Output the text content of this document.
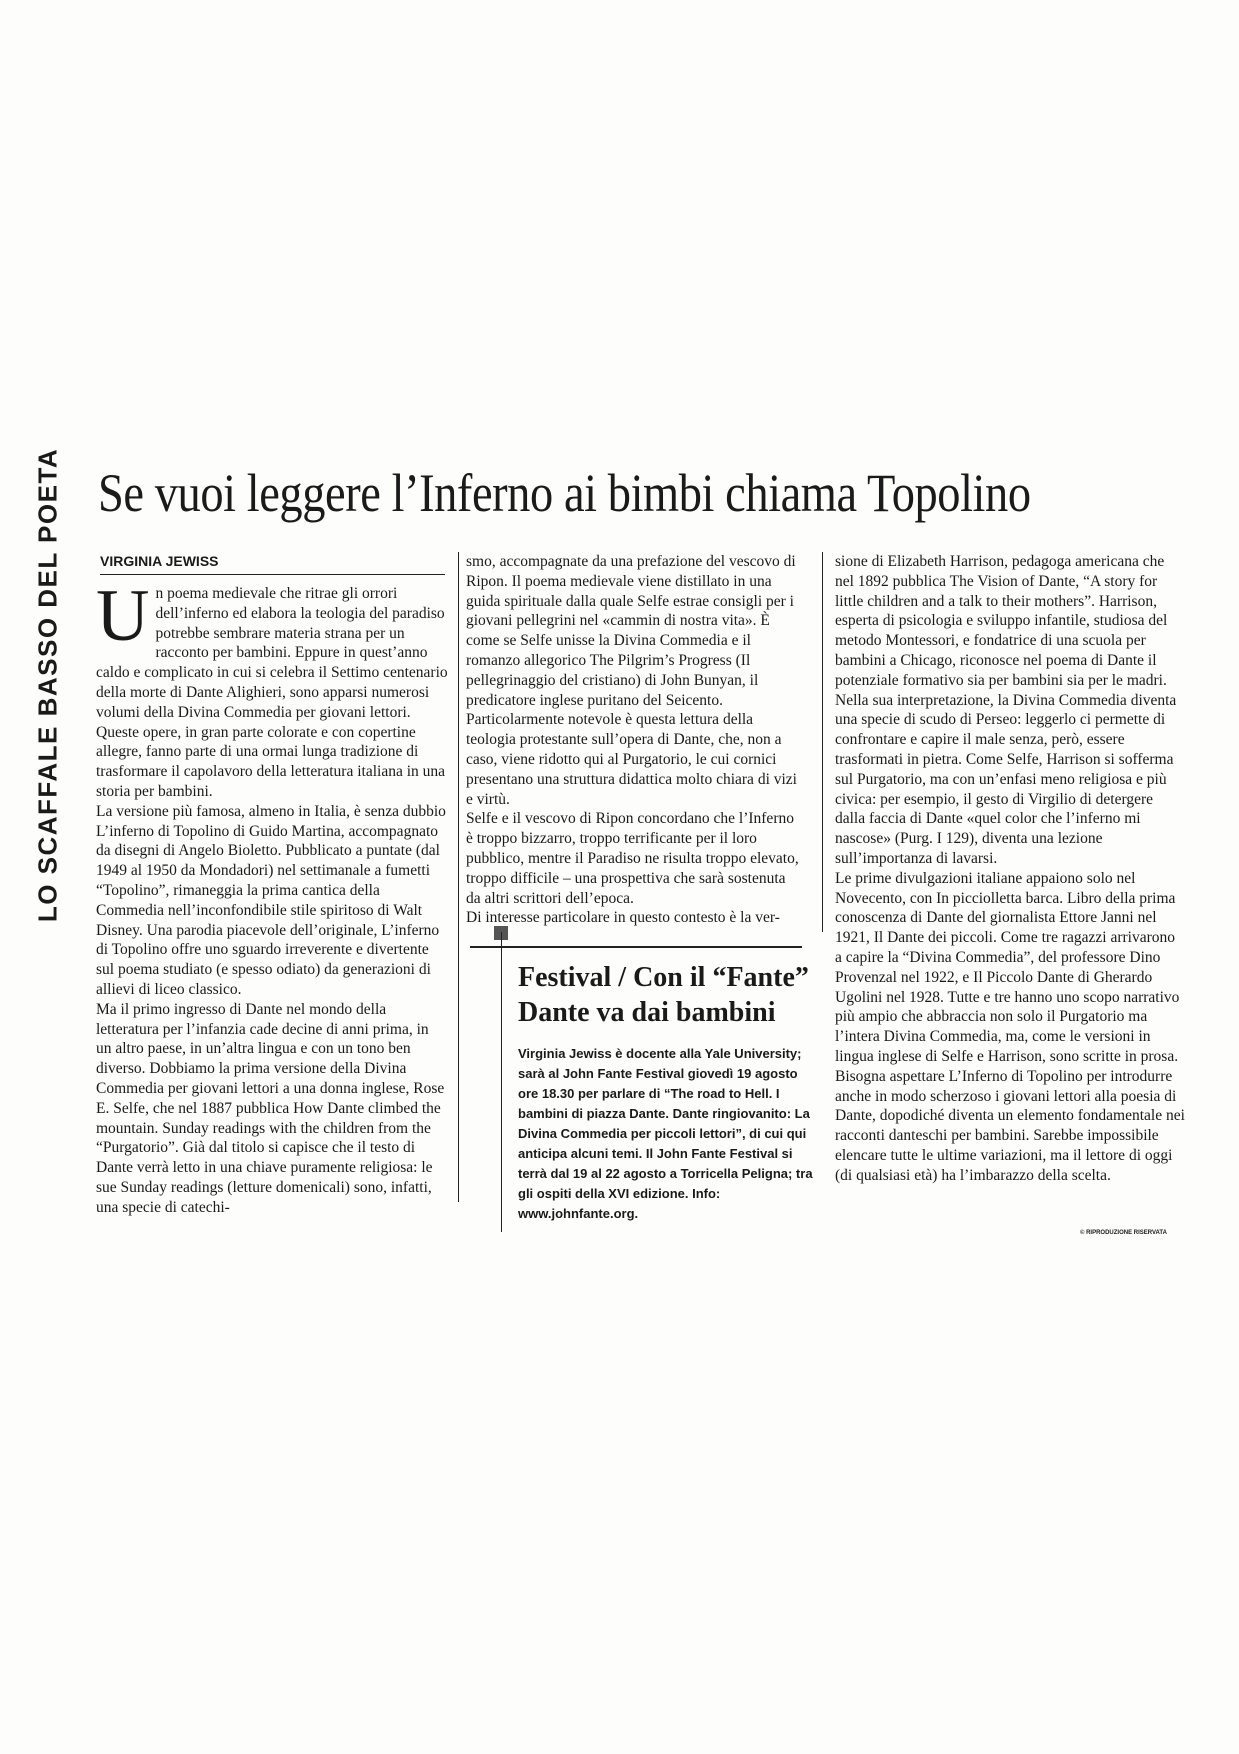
LO SCAFFALE BASSO DEL POETA Se vuoi leggere l’Inferno ai bimbi chiama Topolino
VIRGINIA JEWISS
U n poema medievale che ritrae gli orrori dell’inferno ed elabora la teologia del paradiso potrebbe sembrare materia strana per un racconto per bambini. Eppure in quest’anno caldo e complicato in cui si celebra il Settimo centenario della morte di Dante Alighieri, sono apparsi numerosi volumi della Divina Commedia per giovani lettori. Queste opere, in gran parte colorate e con copertine allegre, fanno parte di una ormai lunga tradizione di trasformare il capolavoro della letteratura italiana in una storia per bambini.

La versione più famosa, almeno in Italia, è senza dubbio L’inferno di Topolino di Guido Martina, accompagnato da disegni di Angelo Bioletto. Pubblicato a puntate (dal 1949 al 1950 da Mondadori) nel settimanale a fumetti “Topolino”, rimaneggia la prima cantica della Commedia nell’inconfondibile stile spiritoso di Walt Disney. Una parodia piacevole dell’originale, L’inferno di Topolino offre uno sguardo irreverente e divertente sul poema studiato (e spesso odiato) da generazioni di allievi di liceo classico.

Ma il primo ingresso di Dante nel mondo della letteratura per l’infanzia cade decine di anni prima, in un altro paese, in un’altra lingua e con un tono ben diverso. Dobbiamo la prima versione della Divina Commedia per giovani lettori a una donna inglese, Rose E. Selfe, che nel 1887 pubblica How Dante climbed the mountain. Sunday readings with the children from the “Purgatorio”. Già dal titolo si capisce che il testo di Dante verrà letto in una chiave puramente religiosa: le sue Sunday readings (letture domenicali) sono, infatti, una specie di catechi-

smo, accompagnate da una prefazione del vescovo di Ripon. Il poema medievale viene distillato in una guida spirituale dalla quale Selfe estrae consigli per i giovani pellegrini nel «cammin di nostra vita». È come se Selfe unisse la Divina Commedia e il romanzo allegorico The Pilgrim’s Progress (Il pellegrinaggio del cristiano) di John Bunyan, il predicatore inglese puritano del Seicento. Particolarmente notevole è questa lettura della teologia protestante sull’opera di Dante, che, non a caso, viene ridotto qui al Purgatorio, le cui cornici presentano una struttura didattica molto chiara di vizi e virtù.

Selfe e il vescovo di Ripon concordano che l’Inferno è troppo bizzarro, troppo terrificante per il loro pubblico, mentre il Paradiso ne risulta troppo elevato, troppo difficile – una prospettiva che sarà sostenuta da altri scrittori dell’epoca.

Di interesse particolare in questo contesto è la ver-

Festival / Con il “Fante” Dante va dai bambini

Virginia Jewiss è docente alla Yale University; sarà al John Fante Festival giovedì 19 agosto ore 18.30 per parlare di “The road to Hell. I bambini di piazza Dante. Dante ringiovanito: La Divina Commedia per piccoli lettori”, di cui qui anticipa alcuni temi. Il John Fante Festival si terrà dal 19 al 22 agosto a Torricella Peligna; tra gli ospiti della XVI edizione. Info: www.johnfante.org.

sione di Elizabeth Harrison, pedagoga americana che nel 1892 pubblica The Vision of Dante, “A story for little children and a talk to their mothers”. Harrison, esperta di psicologia e sviluppo infantile, studiosa del metodo Montessori, e fondatrice di una scuola per bambini a Chicago, riconosce nel poema di Dante il potenziale formativo sia per bambini sia per le madri. Nella sua interpretazione, la Divina Commedia diventa una specie di scudo di Perseo: leggerlo ci permette di confrontare e capire il male senza, però, essere trasformati in pietra. Come Selfe, Harrison si sofferma sul Purgatorio, ma con un’enfasi meno religiosa e più civica: per esempio, il gesto di Virgilio di detergere dalla faccia di Dante «quel color che l’inferno mi nascose» (Purg. I 129), diventa una lezione sull’importanza di lavarsi.

Le prime divulgazioni italiane appaiono solo nel Novecento, con In picciolletta barca. Libro della prima conoscenza di Dante del giornalista Ettore Janni nel 1921, Il Dante dei piccoli. Come tre ragazzi arrivarono a capire la “Divina Commedia”, del professore Dino Provenzal nel 1922, e Il Piccolo Dante di Gherardo Ugolini nel 1928. Tutte e tre hanno uno scopo narrativo più ampio che abbraccia non solo il Purgatorio ma l’intera Divina Commedia, ma, come le versioni in lingua inglese di Selfe e Harrison, sono scritte in prosa. Bisogna aspettare L’Inferno di Topolino per introdurre anche in modo scherzoso i giovani lettori alla poesia di Dante, dopodiché diventa un elemento fondamentale nei racconti danteschi per bambini. Sarebbe impossibile elencare tutte le ultime variazioni, ma il lettore di oggi (di qualsiasi età) ha l’imbarazzo della scelta.

© RIPRODUZIONE RISERVATA
